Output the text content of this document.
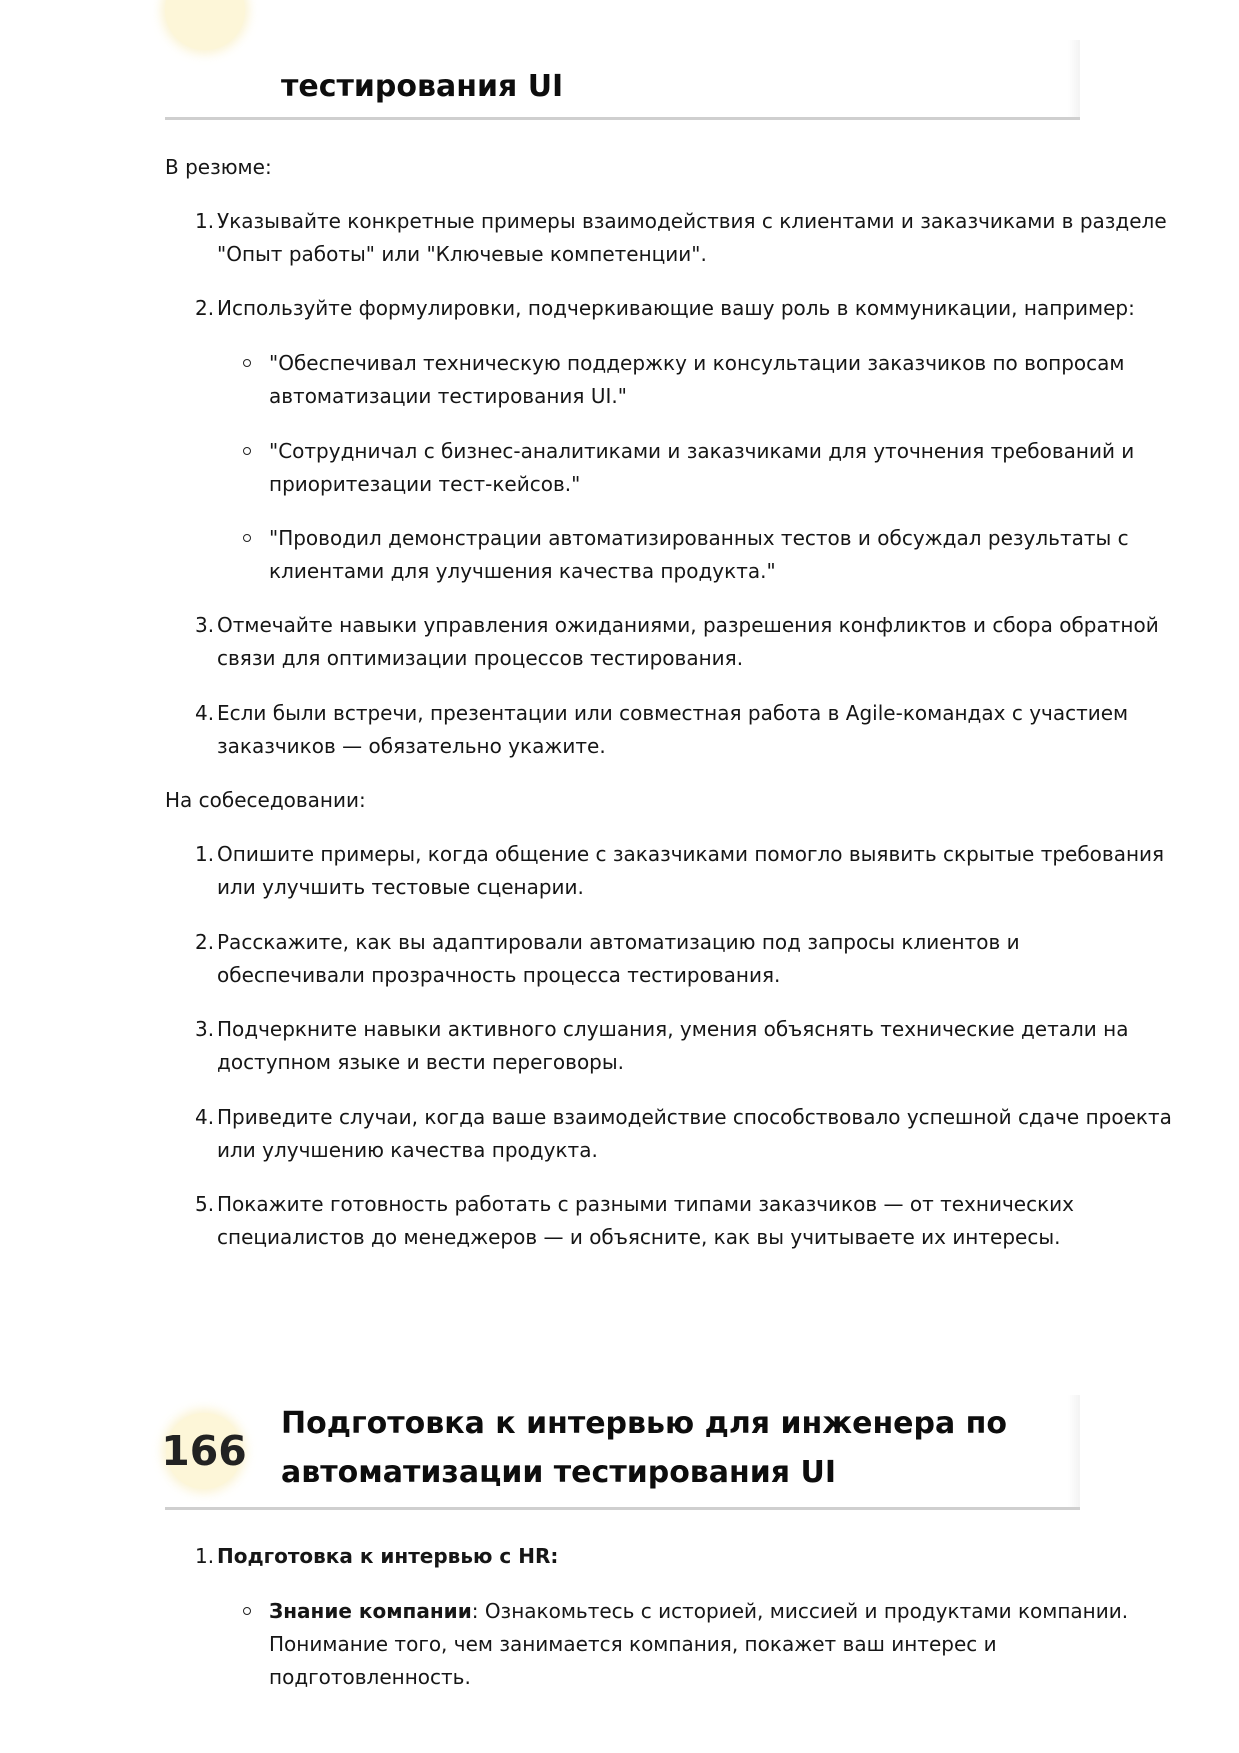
тестирования UI

В резюме:

1. Указывайте конкретные примеры взаимодействия с клиентами и заказчиками в разделе

"Опыт работы" или "Ключевые компетенции".

2. Используйте формулировки, подчеркивающие вашу роль в коммуникации, например:

"Обеспечивал техническую поддержку и консультации заказчиков по вопросам

автоматизации тестирования UI."

"Сотрудничал с бизнес-аналитиками и заказчиками для уточнения требований и

приоритезации тест-кейсов."

"Проводил демонстрации автоматизированных тестов и обсуждал результаты с

клиентами для улучшения качества продукта."

3. Отмечайте навыки управления ожиданиями, разрешения конфликтов и сбора обратной

связи для оптимизации процессов тестирования.

4. Если были встречи, презентации или совместная работа в Agile-командах с участием

заказчиков — обязательно укажите.

На собеседовании:

1. Опишите примеры, когда общение с заказчиками помогло выявить скрытые требования

или улучшить тестовые сценарии.

2. Расскажите, как вы адаптировали автоматизацию под запросы клиентов и

обеспечивали прозрачность процесса тестирования.

3. Подчеркните навыки активного слушания, умения объяснять технические детали на

доступном языке и вести переговоры.

4. Приведите случаи, когда ваше взаимодействие способствовало успешной сдаче проекта

или улучшению качества продукта.

5. Покажите готовность работать с разными типами заказчиков — от технических

специалистов до менеджеров — и объясните, как вы учитываете их интересы.

166
Подготовка к интервью для инженера по
автоматизации тестирования UI
1. Подготовка к интервью с HR:

Знание компании: Ознакомьтесь с историей, миссией и продуктами компании.

Понимание того, чем занимается компания, покажет ваш интерес и

подготовленность.
